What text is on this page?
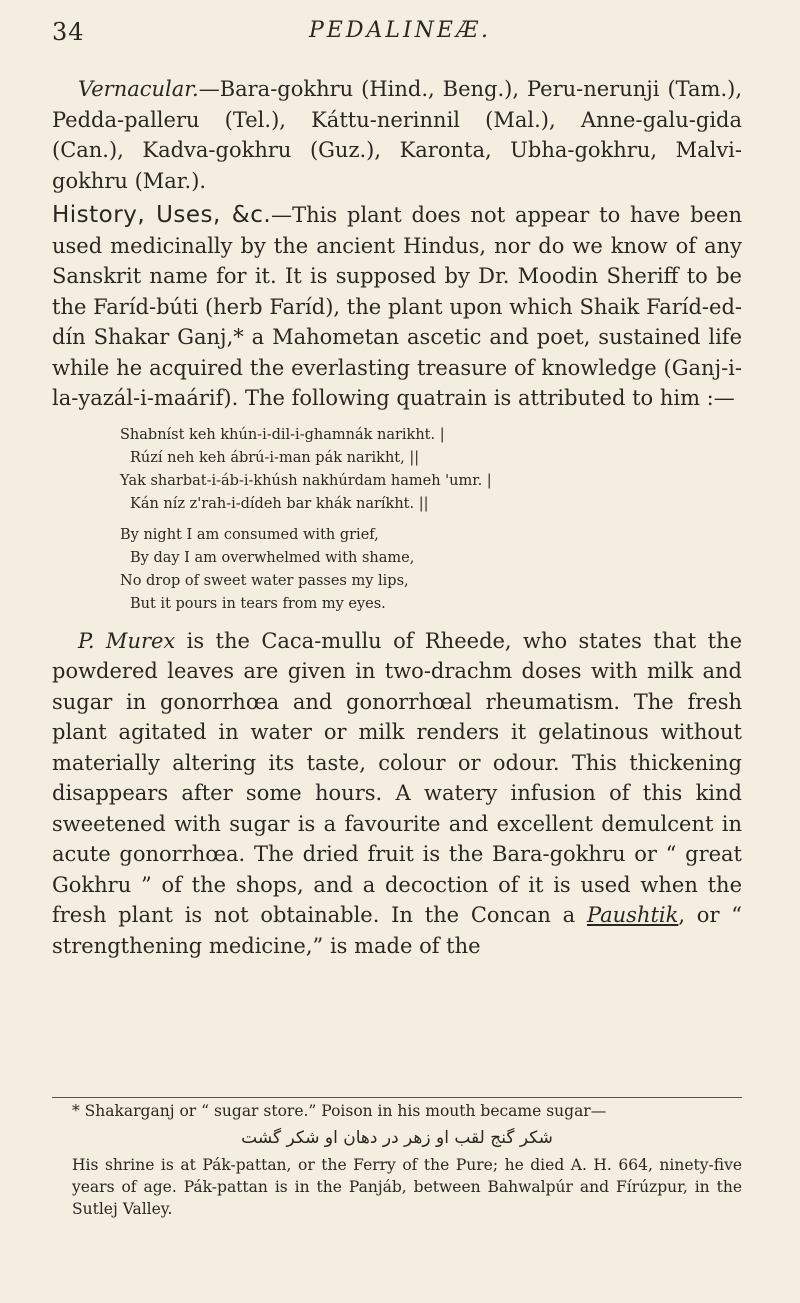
34	PEDALINEÆ.

Vernacular.—Bara-gokhru (Hind., Beng.), Peru-nerunji (Tam.), Pedda-palleru (Tel.), Káttu-nerinnil (Mal.), Anne-galu-gida (Can.), Kadva-gokhru (Guz.), Karonta, Ubha-gokhru, Malvi-gokhru (Mar.).

History, Uses, &c.—This plant does not appear to have been used medicinally by the ancient Hindus, nor do we know of any Sanskrit name for it. It is supposed by Dr. Moodin Sheriff to be the Faríd-búti (herb Faríd), the plant upon which Shaik Faríd-ed-dín Shakar Ganj,* a Mahometan ascetic and poet, sustained life while he acquired the everlasting treasure of knowledge (Ganj-i-la-yazál-i-maárif). The following quatrain is attributed to him :—

Shabníst keh khún-i-dil-i-ghamnák narikht. |
Rúzí neh keh ábrú-i-man pák narikht, ||
Yak sharbat-i-áb-i-khúsh nakhúrdam hameh 'umr. |
Kán níz z'rah-i-dídeh bar khák naríkht. ||
By night I am consumed with grief,
By day I am overwhelmed with shame,
No drop of sweet water passes my lips,
But it pours in tears from my eyes.

P. Murex is the Caca-mullu of Rheede, who states that the powdered leaves are given in two-drachm doses with milk and sugar in gonorrhœa and gonorrhœal rheumatism. The fresh plant agitated in water or milk renders it gelatinous without materially altering its taste, colour or odour. This thickening disappears after some hours. A watery infusion of this kind sweetened with sugar is a favourite and excellent demulcent in acute gonorrhœa. The dried fruit is the Bara-gokhru or “ great Gokhru ” of the shops, and a decoction of it is used when the fresh plant is not obtainable. In the Concan a Paushtik, or “ strengthening medicine,” is made of the

* Shakarganj or “ sugar store.” Poison in his mouth became sugar—

شکر گنج لقب او زهر در دهان او شکر گشت

His shrine is at Pák-pattan, or the Ferry of the Pure; he died A. H. 664, ninety-five years of age. Pák-pattan is in the Panjáb, between Bahwalpúr and Fírúzpur, in the Sutlej Valley.
